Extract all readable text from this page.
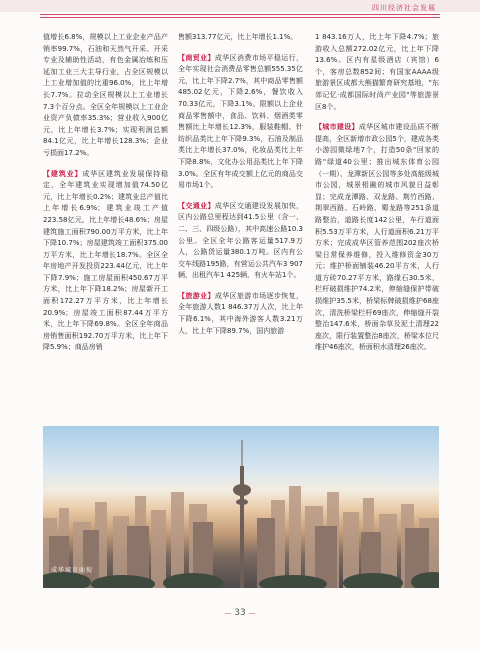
四川经济社会发展

值增长6.8%，规模以上工业企业产品产销率99.7%，石油和天然气开采、开采专业及辅助性活动，有色金属冶炼和压延加工业三大主导行业，占全区规模以上工业增加值的比重96.0%，比上年增长7.7%。拉动全区规模以上工业增长7.3个百分点。全区全年规模以上工业企业资产负债率35.3%；营业收入900亿元，比上年增长3.7%；实现利润总额84.1亿元，比上年增长128.3%；企业亏损面17.2%。

【建筑业】成华区建筑业发展保持稳定，全年建筑业实现增加值74.50亿元，比上年增长0.2%；建筑业总产值比上年增长6.9%；建筑业竣工产值223.58亿元，比上年增长48.6%；房屋建筑施工面积790.00万平方米，比上年下降10.7%；房屋建筑竣工面积375.00万平方米，比上年增长18.7%。全区全年房地产开发投资223.44亿元，比上年下降7.9%；施工房屋面积450.67万平方米，比上年下降18.2%；房屋新开工面积172.27万平方米，比上年增长20.9%；房屋竣工面积87.44万平方米，比上年下降69.8%。全区全年商品房销售面积192.70万平方米，比上年下降5.9%；商品房销

售额313.77亿元，比上年增长1.1%。

【商贸业】成华区消费市场平稳运行，全年实现社会消费品零售总额555.35亿元，比上年下降2.7%，其中商品零售额485.02亿元，下降2.6%，餐饮收入70.33亿元，下降3.1%。限额以上企业商品零售额中，食品、饮料、烟酒类零售额比上年增长12.3%，服装鞋帽、针纺织品类比上年下降9.3%，石油及制品类比上年增长37.0%，化妆品类比上年下降8.8%，文化办公用品类比上年下降3.0%。全区有年成交额上亿元的商品交易市场1个。

【交通业】成华区交通建设发展加快，区内公路总里程达到41.5公里（含一、二、三、四级公路），其中高速公路10.3公里。全区全年公路客运量517.9万人，公路货运量380.1万吨。区内有公交车线路195路，有营运公共汽车3 907辆，出租汽车1 425辆，有火车站1个。

【旅游业】成华区旅游市场逐步恢复，全年旅游人数1 846.37万人次，比上年下降6.1%，其中海外游客人数3.21万人，比上年下降89.7%，国内旅游

1 843.16万人，比上年下降4.7%；旅游收入总额272.02亿元，比上年下降13.6%。区内有星级酒店（宾馆）6个，客房总数852间；有国家AAAA级旅游景区成都大熊猫繁育研究基地，"东郊记忆·成都国际时尚产业园"等旅游景区8个。

【城市建设】成华区城市建设品质不断提高，全区新增市政公园5个，建成各类小游园微绿地7个，打造50条"回家的路"绿道40公里；推出城东体育公园（一期）、龙潭新区公园等多处高能级城市公园，城景相融的城市风貌日益彰显；完成龙潭路、双龙路、荆竹西路、荆翠西路、石岭路、蜀龙路等251条道路整治，道路长度142公里，车行道面积5.53万平方米，人行道面积6.21万平方米；完成成华区管养范围202座次桥梁日常保养维修，投入维修资金30万元；维护桥面铺装46.20平方米，人行道方砖70.27平方米，路缘石30.5米，栏杆破损维护74.2米，伸缩缝保护带破损维护35.5米，桥梁标牌破损维护68座次，清洗桥梁栏杆69座次，伸缩缝开裂整治147.6米，桥面杂草及泥土清理22座次，限行装置整治8座次，桥梁本位尺维护46座次，桥面积水清理26座次。

成华城市面貌
— 33 —
